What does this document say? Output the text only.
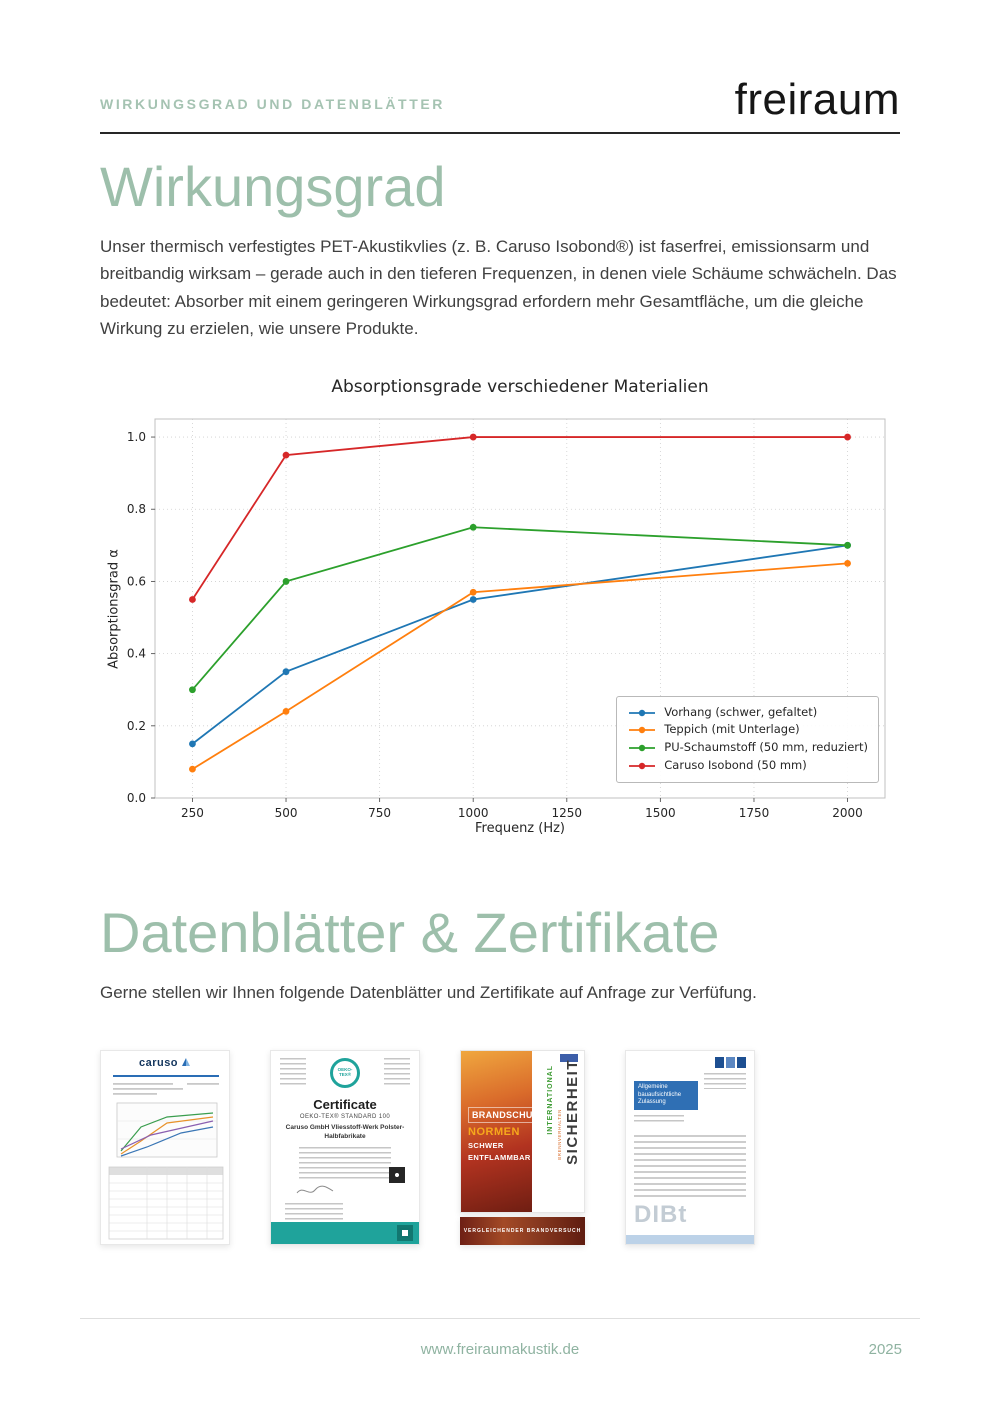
WIRKUNGSGRAD UND DATENBLÄTTER	freiraum
Wirkungsgrad

Unser thermisch verfestigtes PET-Akustikvlies (z. B. Caruso Isobond®) ist faserfrei, emissionsarm und breitbandig wirksam – gerade auch in den tieferen Frequenzen, in denen viele Schäume schwächeln. Das bedeutet: Absorber mit einem geringeren Wirkungsgrad erfordern mehr Gesamtfläche, um die gleiche Wirkung zu erzielen, wie unsere Produkte.

Absorptionsgrade verschiedener Materialien
Absorptionsgrad α
0.0
0.2
0.4
0.6
0.8
1.0
250	500	750	1000	1250	1500	1750	2000
Frequenz (Hz)
Vorhang (schwer, gefaltet)
Teppich (mit Unterlage)
PU-Schaumstoff (50 mm, reduziert)
Caruso Isobond (50 mm)
Datenblätter & Zertifikate

Gerne stellen wir Ihnen folgende Datenblätter und Zertifikate auf Anfrage zur Verfüfung.

caruso
OEKO-TEX®
Certificate
OEKO-TEX® STANDARD 100
Caruso GmbH Vliesstoff-Werk Polster-
Halbfabrikate
BRANDSCHUTZ
NORMEN
SCHWER
ENTFLAMMBAR
INTERNATIONAL BRENNVERHALTEN SICHERHEIT
VERGLEICHENDER BRANDVERSUCH
Allgemeine bauaufsichtliche Zulassung
DIBt
www.freiraumakustik.de	2025
